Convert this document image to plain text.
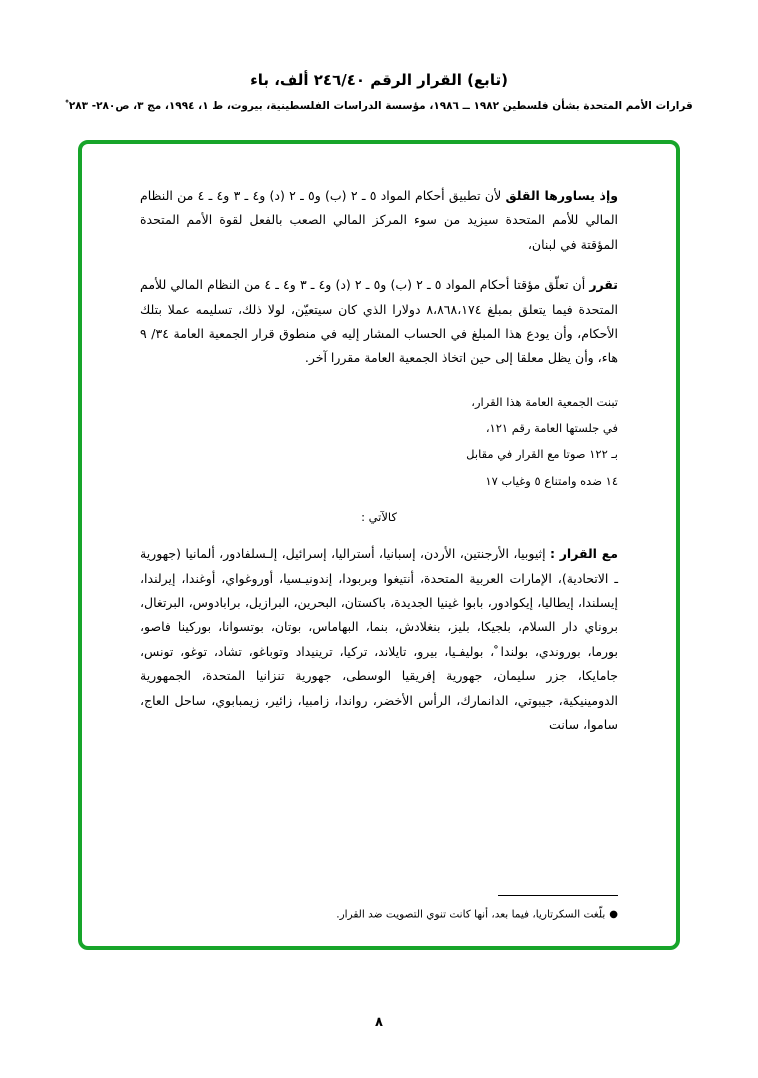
(تابع) القرار الرقم ٢٤٦/٤٠ ألف، باء
قرارات الأمم المتحدة بشأن فلسطين ١٩٨٢ ــ ١٩٨٦، مؤسسة الدراسات الفلسطينية، بيروت، ط ١، ١٩٩٤، مج ٣، ص٢٨٠- ٢٨٣ ْ

وإذ يساورها القلق لأن تطبيق أحكام المواد ٥ ـ ٢ (ب) و٥ ـ ٢ (د) و٤ ـ ٣ و٤ ـ ٤ من النظام المالي للأمم المتحدة سيزيد من سوء المركز المالي الصعب بالفعل لقوة الأمم المتحدة المؤقتة في لبنان،

تقرر أن تعلّق مؤقتا أحكام المواد ٥ ـ ٢ (ب) و٥ ـ ٢ (د) و٤ ـ ٣ و٤ ـ ٤ من النظام المالي للأمم المتحدة فيما يتعلق بمبلغ ٨،٨٦٨،١٧٤ دولارا الذي كان سيتعيّن، لولا ذلك، تسليمه عملا بتلك الأحكام، وأن يودع هذا المبلغ في الحساب المشار إليه في منطوق قرار الجمعية العامة ٣٤/ ٩ هاء، وأن يظل معلقا إلى حين اتخاذ الجمعية العامة مقررا آخر.

تبنت الجمعية العامة هذا القرار،

في جلستها العامة رقم ١٢١،

بـ ١٢٢ صوتا مع القرار في مقابل

١٤ ضده وامتناع ٥ وغياب ١٧

كالآتي :

مع القرار : إثيوبيا، الأرجنتين، الأردن، إسبانيا، أستراليا، إسرائيل، إلـسلفادور، ألمانيا (جهورية ـ الاتحادية)، الإمارات العربية المتحدة، أنتيغوا وبربودا، إندونيـسيا، أوروغواي، أوغندا، إيرلندا، إيسلندا، إيطاليا، إيكوادور، بابوا غينيا الجديدة، باكستان، البحرين، البرازيل، برابادوس، البرتغال، بروناي دار السلام، بلجيكا، بليز، بنغلادش، بنما، البهاماس، بوتان، بوتسوانا، بوركينا فاصو، بورما، بوروندي، بولندا ْ، بوليفـيا، بيرو، تايلاند، تركيا، ترينيداد وتوباغو، تشاد، توغو، تونس، جامايكا، جزر سليمان، جهورية إفريقيا الوسطى، جهورية تنزانيا المتحدة، الجمهورية الدومينيكية، جيبوتي، الدانمارك، الرأس الأخضر، رواندا، زامبيا، زائير، زيمبابوي، ساحل العاج، ساموا، سانت

●بلّغت السكرتاريا، فيما بعد، أنها كانت تنوي التصويت ضد القرار.
٨
